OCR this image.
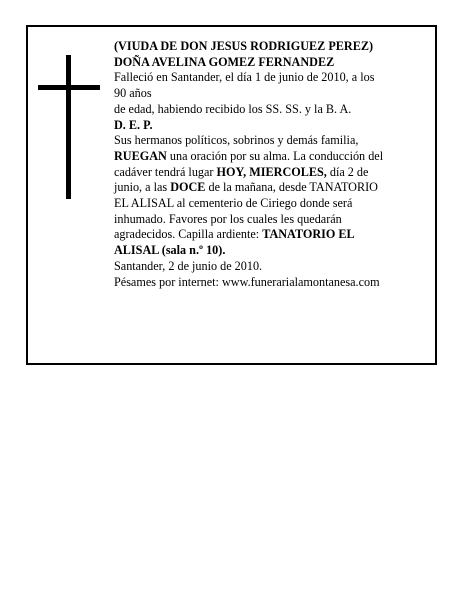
(VIUDA DE DON JESUS RODRIGUEZ PEREZ)
DOÑA AVELINA GOMEZ FERNANDEZ
Falleció en Santander, el día 1 de junio de 2010, a los
90 años
de edad, habiendo recibido los SS. SS. y la B. A.
D. E. P.
Sus hermanos políticos, sobrinos y demás familia,
RUEGAN una oración por su alma. La conducción del
cadáver tendrá lugar HOY, MIERCOLES, día 2 de
junio, a las DOCE de la mañana, desde TANATORIO
EL ALISAL al cementerio de Ciriego donde será
inhumado. Favores por los cuales les quedarán
agradecidos. Capilla ardiente: TANATORIO EL
ALISAL (sala n.º 10).
Santander, 2 de junio de 2010.
Pésames por internet: www.funerarialamontanesa.com
